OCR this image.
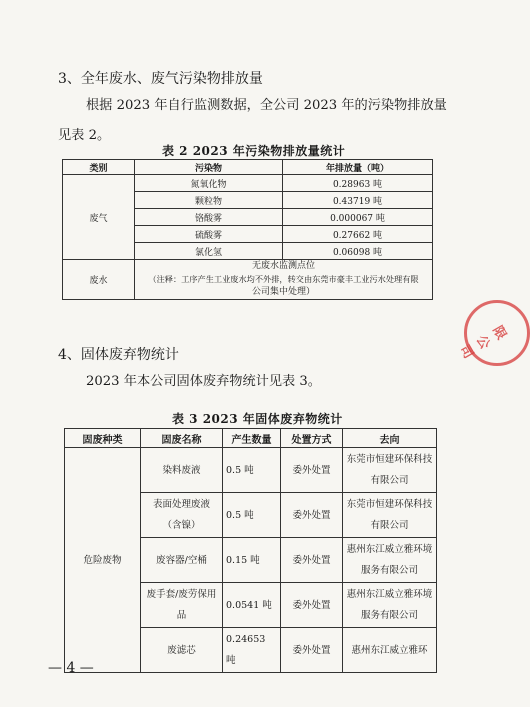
3、全年废水、废气污染物排放量
根据 2023 年自行监测数据，全公司 2023 年的污染物排放量
见表 2。
表 2 2023 年污染物排放量统计
类别	污染物	年排放量（吨）
废气	氮氧化物	0.28963 吨
	颗粒物	0.43719 吨
	铬酸雾	0.000067 吨
	硫酸雾	0.27662 吨
	氯化氢	0.06098 吨
废水	无废水监测点位
（注释：工序产生工业废水均不外排，转交由东莞市豪丰工业污水处理有限
公司集中处理）	
4、固体废弃物统计
2023 年本公司固体废弃物统计见表 3。
表 3 2023 年固体废弃物统计
固废种类	固废名称	产生数量	处置方式	去向
危险废物	染料废液	0.5 吨	委外处置	东莞市恒建环保科技有限公司
	表面处理废液（含镍）	0.5 吨	委外处置	东莞市恒建环保科技有限公司
	废容器/空桶	0.15 吨	委外处置	惠州东江威立雅环境服务有限公司
	废手套/废劳保用品	0.0541 吨	委外处置	惠州东江威立雅环境服务有限公司
	废滤芯	0.24653 吨	委外处置	惠州东江威立雅环
限公司
— 4 —
